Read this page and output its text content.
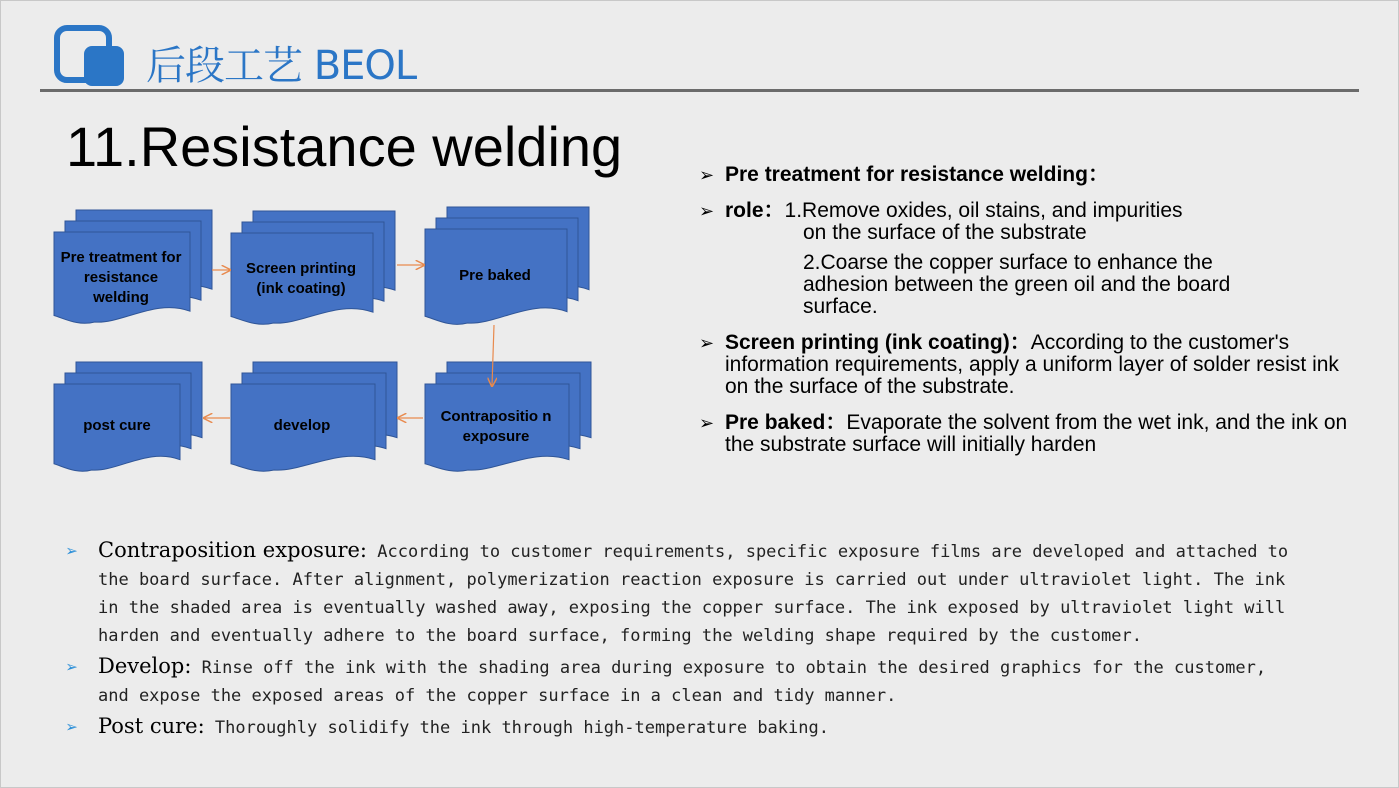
后段工艺 BEOL
11.Resistance welding
Pre treatment for resistance welding
Screen printing (ink coating)
Pre baked
Contrapositio n exposure
develop
post cure
➢ Pre treatment for resistance welding：
➢ role：1.Remove oxides, oil stains, and impurities
on the surface of the substrate
2.Coarse the copper surface to enhance the adhesion between the green oil and the board surface.
➢ Screen printing (ink coating)：According to the customer's information requirements, apply a uniform layer of solder resist ink on the surface of the substrate.
➢ Pre baked：Evaporate the solvent from the wet ink, and the ink on the substrate surface will initially harden
➢ Contraposition exposure: According to customer requirements, specific exposure films are developed and attached to the board surface. After alignment, polymerization reaction exposure is carried out under ultraviolet light. The ink in the shaded area is eventually washed away, exposing the copper surface. The ink exposed by ultraviolet light will harden and eventually adhere to the board surface, forming the welding shape required by the customer.
➢ Develop: Rinse off the ink with the shading area during exposure to obtain the desired graphics for the customer, and expose the exposed areas of the copper surface in a clean and tidy manner.
➢ Post cure: Thoroughly solidify the ink through high-temperature baking.
